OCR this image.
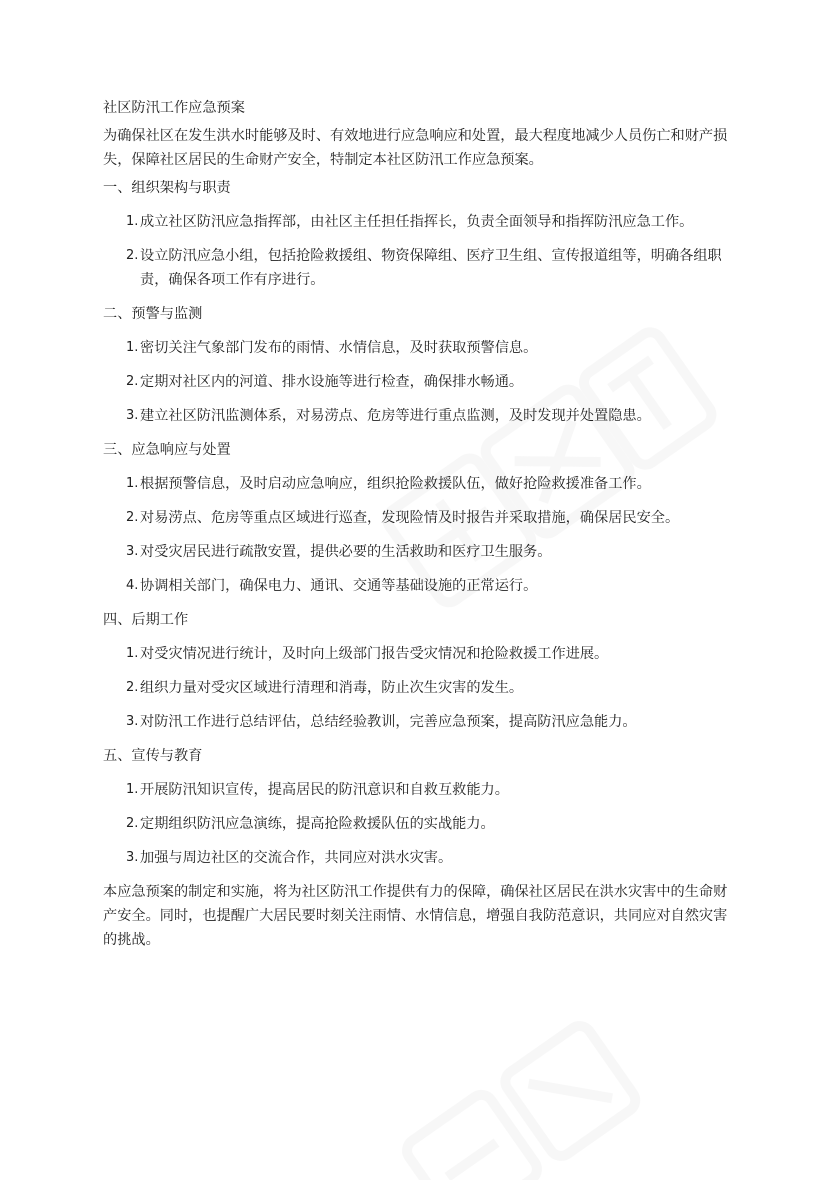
社区防汛工作应急预案

为确保社区在发生洪水时能够及时、有效地进行应急响应和处置，最大程度地减少人员伤亡和财产损失，保障社区居民的生命财产安全，特制定本社区防汛工作应急预案。

一、组织架构与职责

1. 成立社区防汛应急指挥部，由社区主任担任指挥长，负责全面领导和指挥防汛应急工作。
2. 设立防汛应急小组，包括抢险救援组、物资保障组、医疗卫生组、宣传报道组等，明确各组职责，确保各项工作有序进行。

二、预警与监测

1. 密切关注气象部门发布的雨情、水情信息，及时获取预警信息。
2. 定期对社区内的河道、排水设施等进行检查，确保排水畅通。
3. 建立社区防汛监测体系，对易涝点、危房等进行重点监测，及时发现并处置隐患。

三、应急响应与处置

1. 根据预警信息，及时启动应急响应，组织抢险救援队伍，做好抢险救援准备工作。
2. 对易涝点、危房等重点区域进行巡查，发现险情及时报告并采取措施，确保居民安全。
3. 对受灾居民进行疏散安置，提供必要的生活救助和医疗卫生服务。
4. 协调相关部门，确保电力、通讯、交通等基础设施的正常运行。

四、后期工作

1. 对受灾情况进行统计，及时向上级部门报告受灾情况和抢险救援工作进展。
2. 组织力量对受灾区域进行清理和消毒，防止次生灾害的发生。
3. 对防汛工作进行总结评估，总结经验教训，完善应急预案，提高防汛应急能力。

五、宣传与教育

1. 开展防汛知识宣传，提高居民的防汛意识和自救互救能力。
2. 定期组织防汛应急演练，提高抢险救援队伍的实战能力。
3. 加强与周边社区的交流合作，共同应对洪水灾害。

本应急预案的制定和实施，将为社区防汛工作提供有力的保障，确保社区居民在洪水灾害中的生命财产安全。同时，也提醒广大居民要时刻关注雨情、水情信息，增强自我防范意识，共同应对自然灾害的挑战。
